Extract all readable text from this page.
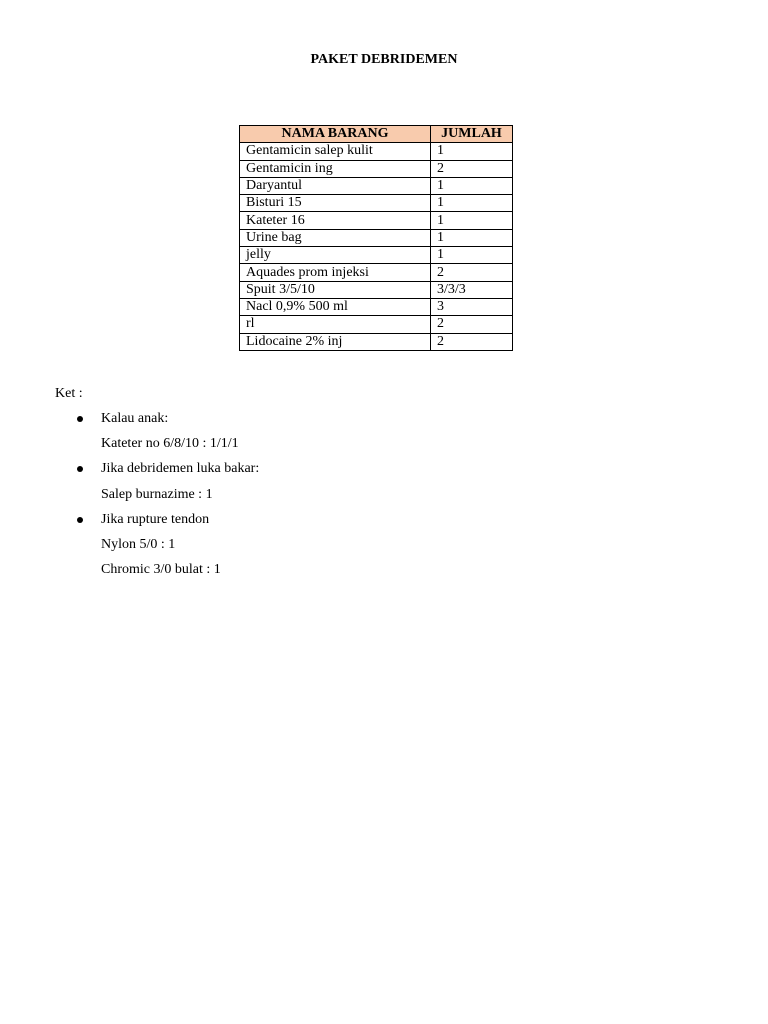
PAKET DEBRIDEMEN
NAMA BARANG	JUMLAH
Gentamicin salep kulit	1
Gentamicin ing	2
Daryantul	1
Bisturi 15	1
Kateter 16	1
Urine bag	1
jelly	1
Aquades prom injeksi	2
Spuit 3/5/10	3/3/3
Nacl 0,9% 500 ml	3
rl	2
Lidocaine 2% inj	2
Ket :
Kalau anak:
Kateter no 6/8/10 : 1/1/1
Jika debridemen luka bakar:
Salep burnazime : 1
Jika rupture tendon
Nylon 5/0 : 1
Chromic 3/0 bulat : 1
